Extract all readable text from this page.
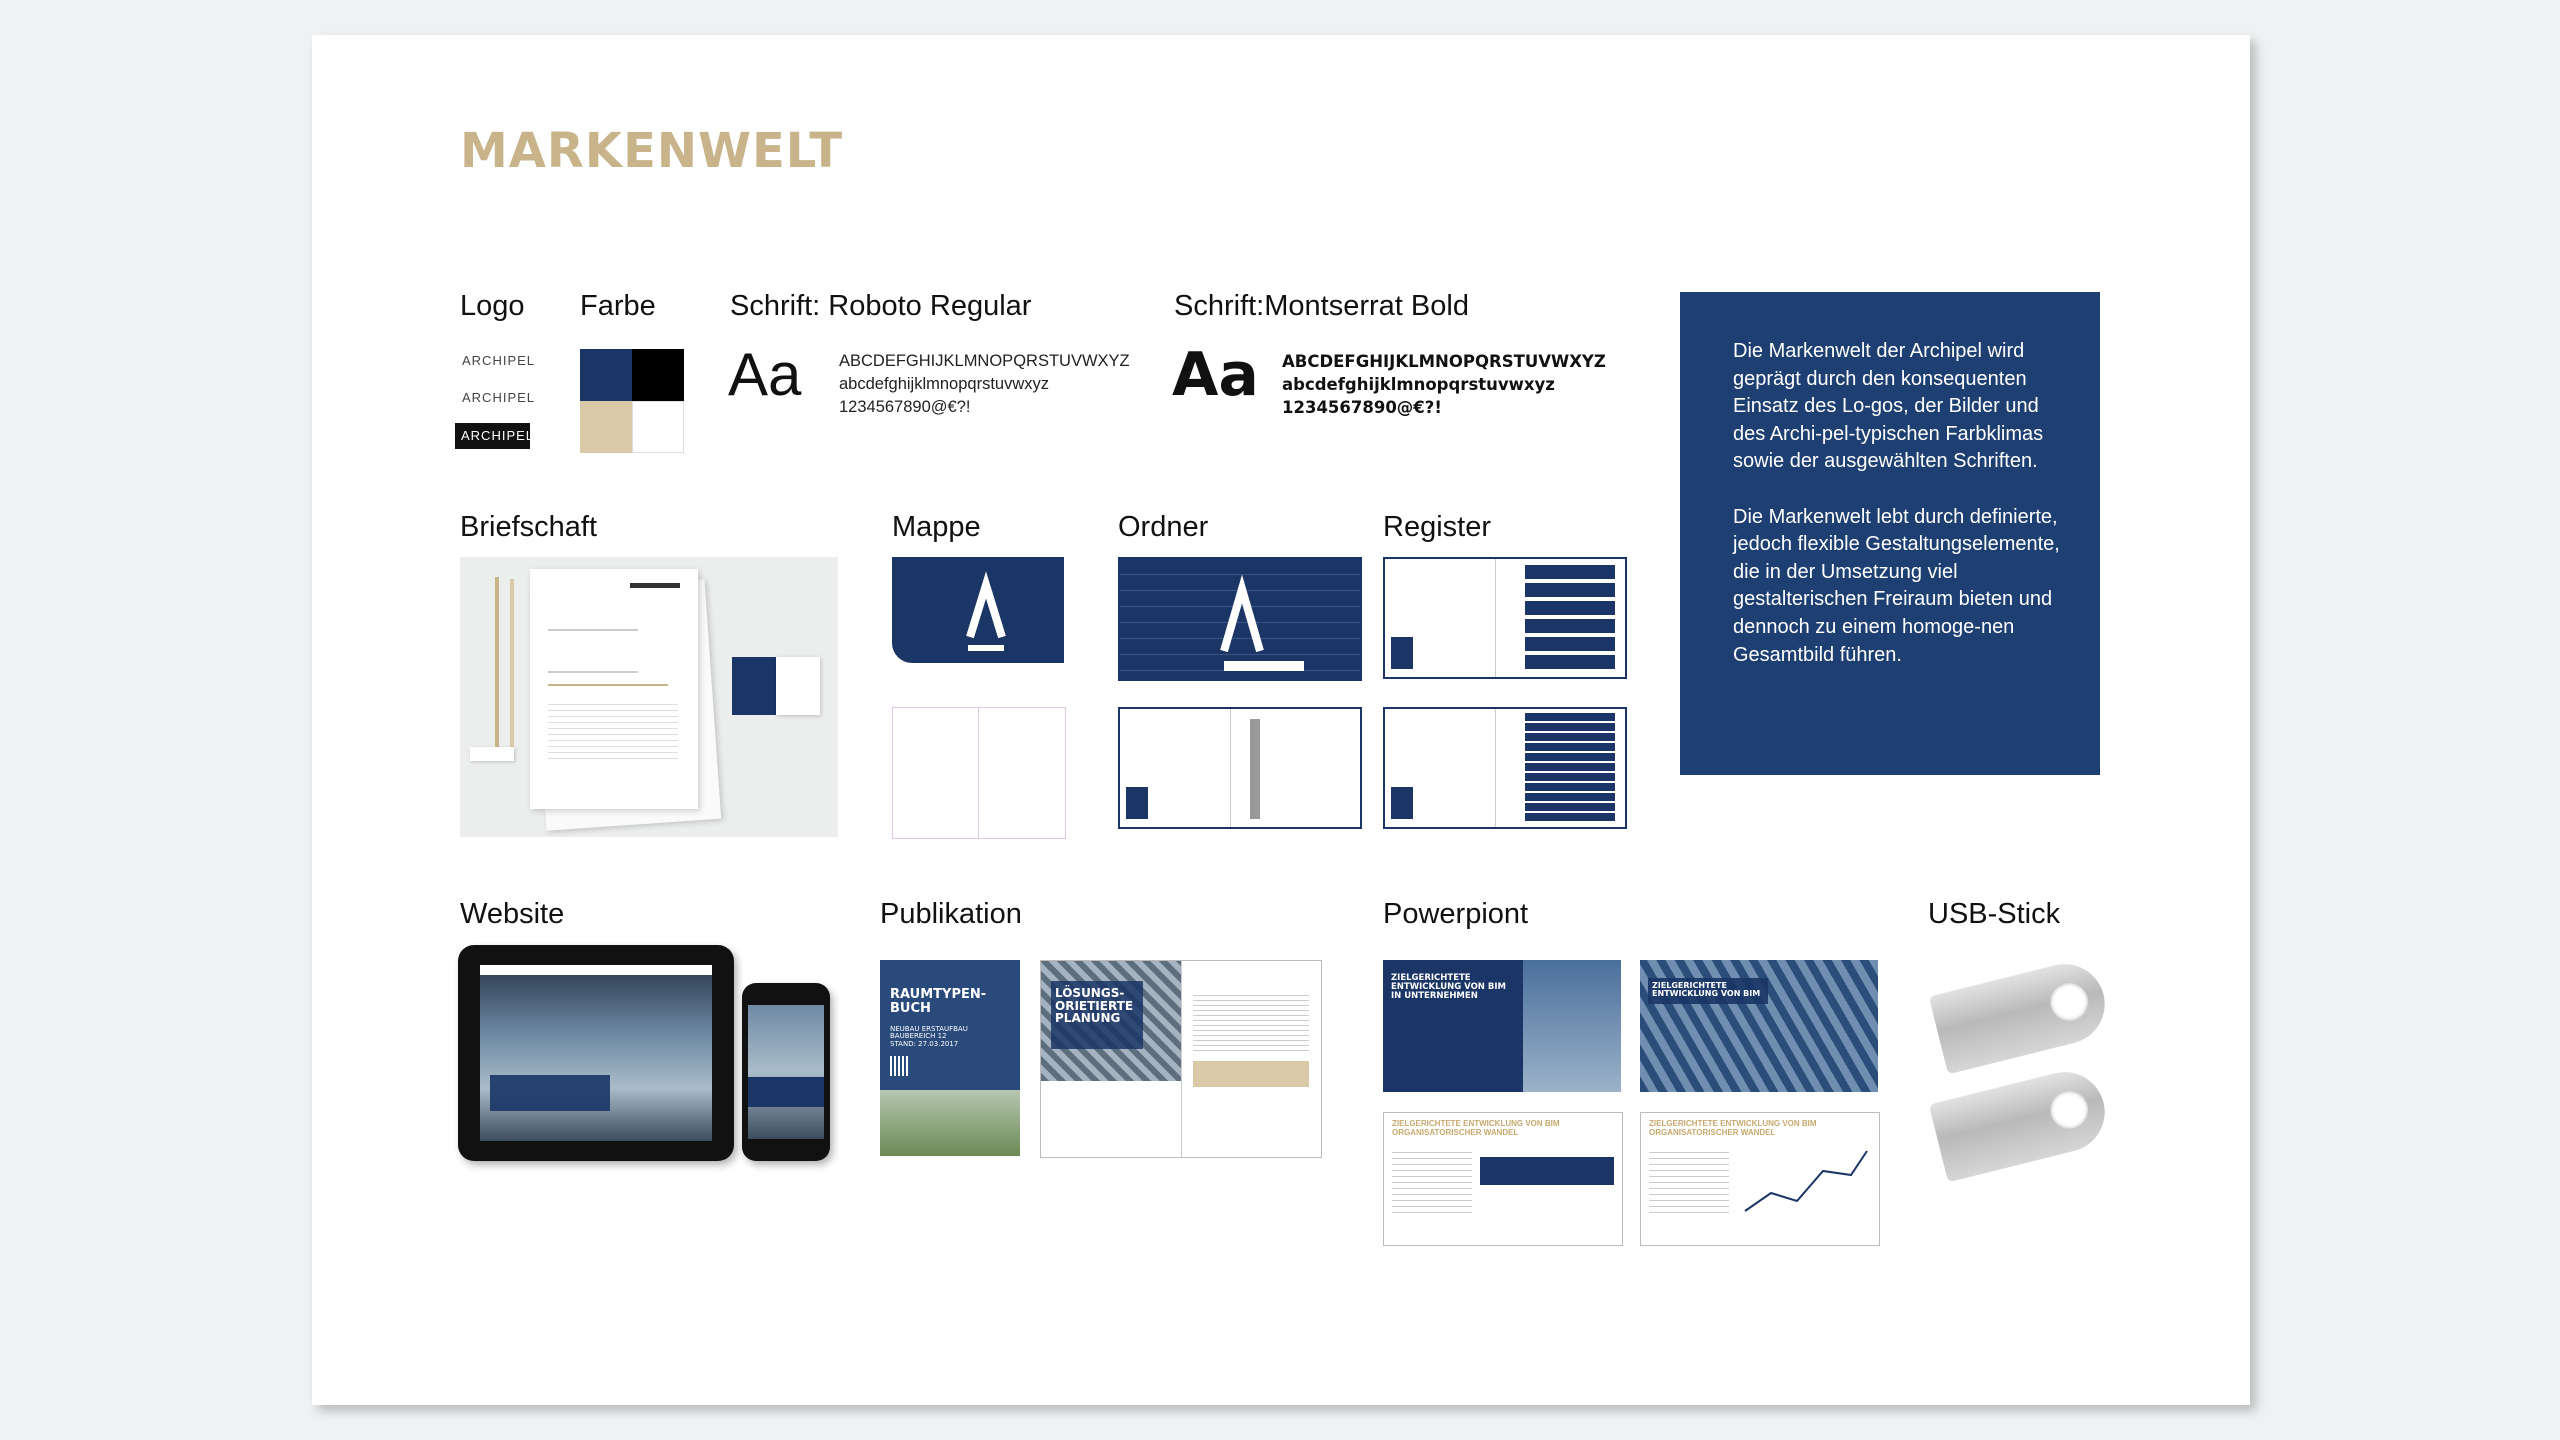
MARKENWELT
Logo Farbe	Schrift: Roboto Regular	Schrift:Montserrat Bold
ARCHIPEL
ARCHIPEL
ARCHIPEL
Aa ABCDEFGHIJKLMNOPQRSTUVWXYZ
abcdefghijklmnopqrstuvwxyz
1234567890@€?!	Aa ABCDEFGHIJKLMNOPQRSTUVWXYZ
abcdefghijklmnopqrstuvwxyz
1234567890@€?!
Die Markenwelt der Archipel wird geprägt durch den konsequenten Einsatz des Lo-gos, der Bilder und des Archi-pel-typischen Farbklimas sowie der ausgewählten Schriften.

Die Markenwelt lebt durch definierte, jedoch flexible Gestaltungselemente, die in der Umsetzung viel gestalterischen Freiraum bieten und dennoch zu einem homoge-nen Gesamtbild führen.
Briefschaft	Mappe	Ordner	Register
Website	Publikation	Powerpiont	USB-Stick
RAUMTYPEN-
BUCH
NEUBAU ERSTAUFBAU
BAUBEREICH 12
STAND: 27.03.2017
LÖSUNGS-
ORIETIERTE
PLANUNG
ZIELGERICHTETE
ENTWICKLUNG VON BIM
IN UNTERNEHMEN
ZIELGERICHTETE
ENTWICKLUNG VON BIM
ZIELGERICHTETE ENTWICKLUNG VON BIM
ORGANISATORISCHER WANDEL
ZIELGERICHTETE ENTWICKLUNG VON BIM
ORGANISATORISCHER WANDEL
